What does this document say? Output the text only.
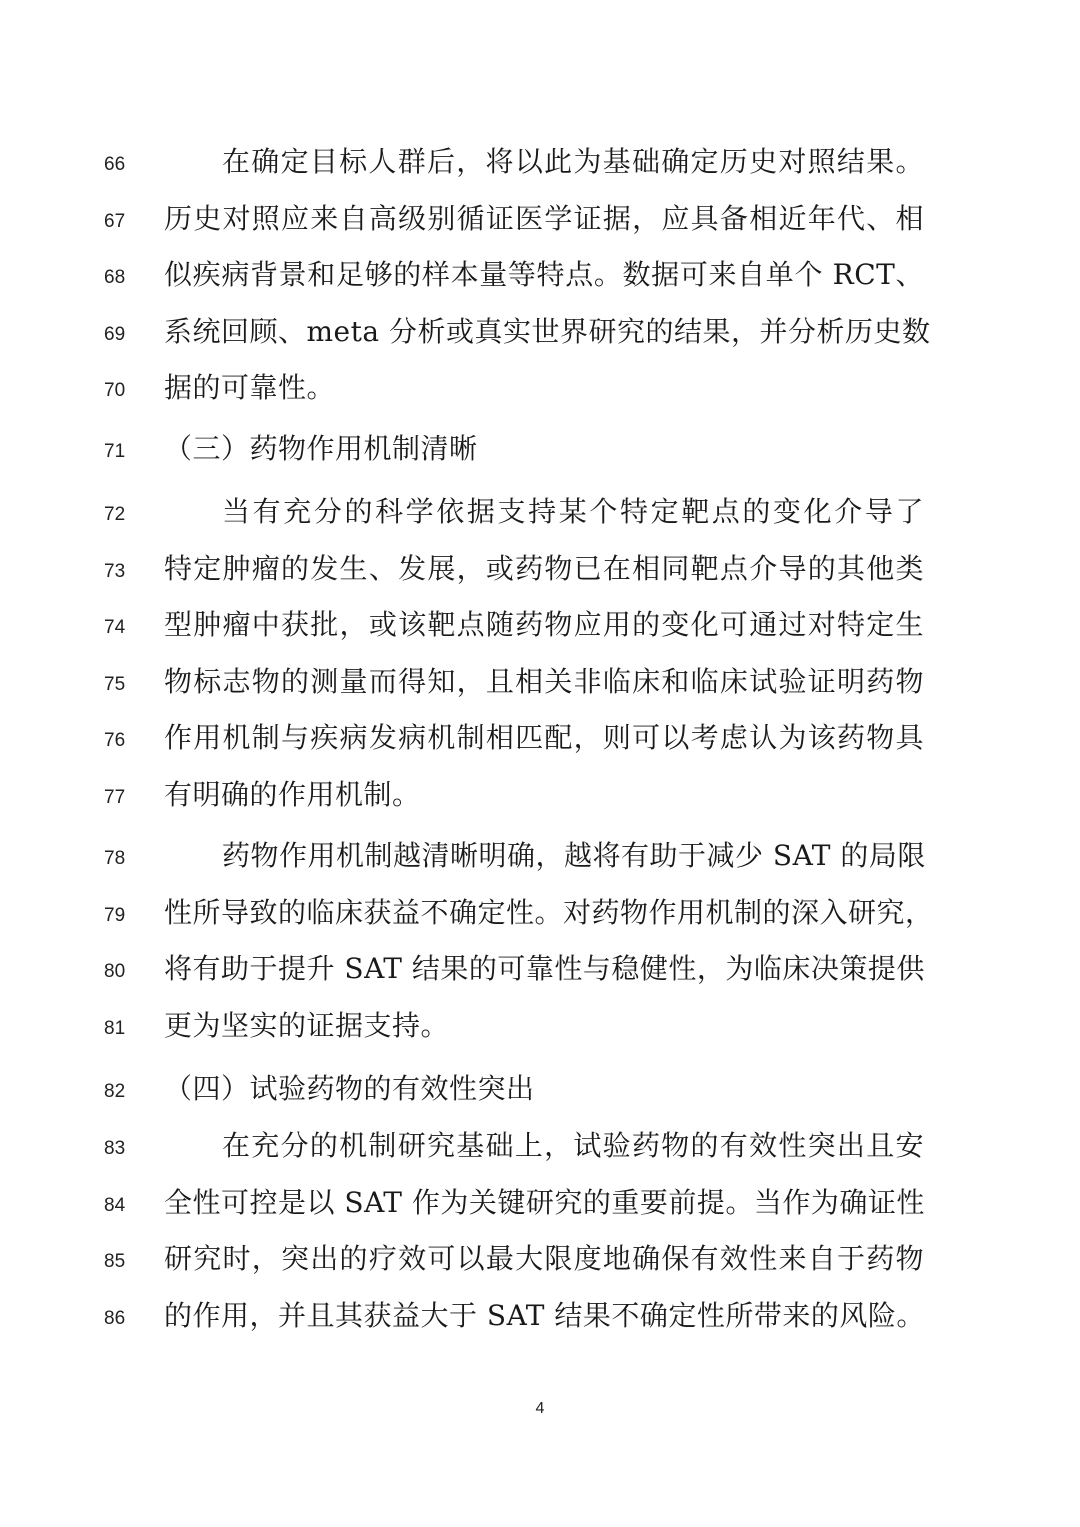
66	在确定目标人群后，将以此为基础确定历史对照结果。
67	历史对照应来自高级别循证医学证据，应具备相近年代、相
68	似疾病背景和足够的样本量等特点。数据可来自单个 RCT、
69	系统回顾、meta 分析或真实世界研究的结果，并分析历史数
70	据的可靠性。
71	（三）药物作用机制清晰
72	当有充分的科学依据支持某个特定靶点的变化介导了
73	特定肿瘤的发生、发展，或药物已在相同靶点介导的其他类
74	型肿瘤中获批，或该靶点随药物应用的变化可通过对特定生
75	物标志物的测量而得知，且相关非临床和临床试验证明药物
76	作用机制与疾病发病机制相匹配，则可以考虑认为该药物具
77	有明确的作用机制。
78	药物作用机制越清晰明确，越将有助于减少 SAT 的局限
79	性所导致的临床获益不确定性。对药物作用机制的深入研究，
80	将有助于提升 SAT 结果的可靠性与稳健性，为临床决策提供
81	更为坚实的证据支持。
82	（四）试验药物的有效性突出
83	在充分的机制研究基础上，试验药物的有效性突出且安
84	全性可控是以 SAT 作为关键研究的重要前提。当作为确证性
85	研究时，突出的疗效可以最大限度地确保有效性来自于药物
86	的作用，并且其获益大于 SAT 结果不确定性所带来的风险。
4
